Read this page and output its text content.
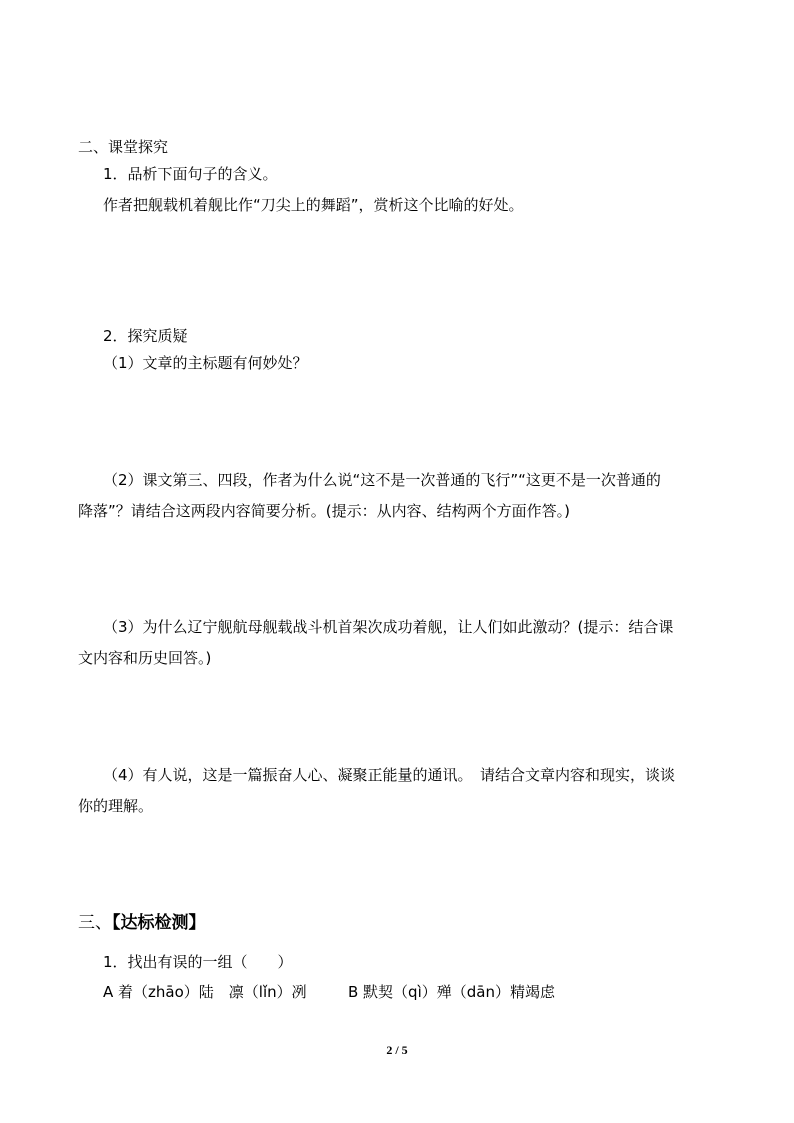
二、课堂探究
1．品析下面句子的含义。
作者把舰载机着舰比作“刀尖上的舞蹈”，赏析这个比喻的好处。
2．探究质疑
（1）文章的主标题有何妙处？
（2）课文第三、四段，作者为什么说“这不是一次普通的飞行”“这更不是一次普通的
降落”？请结合这两段内容简要分析。(提示：从内容、结构两个方面作答。)
（3）为什么辽宁舰航母舰载战斗机首架次成功着舰，让人们如此激动？(提示：结合课
文内容和历史回答。)
（4）有人说，这是一篇振奋人心、凝聚正能量的通讯。　请结合文章内容和现实，谈谈
你的理解。
三、【达标检测】
1．找出有误的一组（　　）
A 着（zhāo）陆　凛（lǐn）冽	B 默契（qì）殚（dān）精竭虑
2 / 5
